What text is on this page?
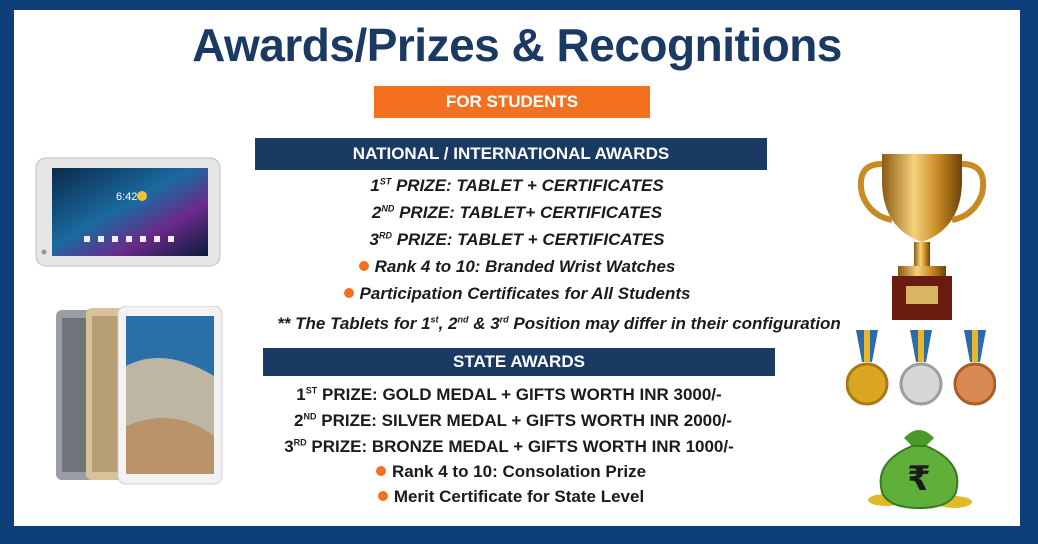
Awards/Prizes & Recognitions
FOR STUDENTS
NATIONAL / INTERNATIONAL AWARDS
1ST PRIZE: TABLET + CERTIFICATES
2ND PRIZE: TABLET+ CERTIFICATES
3RD PRIZE: TABLET + CERTIFICATES
Rank 4 to 10: Branded Wrist Watches
Participation Certificates for All Students
** The Tablets for 1st, 2nd & 3rd Position may differ in their configuration
STATE AWARDS
1ST PRIZE: GOLD MEDAL + GIFTS WORTH INR 3000/-
2ND PRIZE: SILVER MEDAL + GIFTS WORTH INR 2000/-
3RD PRIZE: BRONZE MEDAL + GIFTS WORTH INR 1000/-
Rank 4 to 10: Consolation Prize
Merit Certificate for State Level
6:42
₹
